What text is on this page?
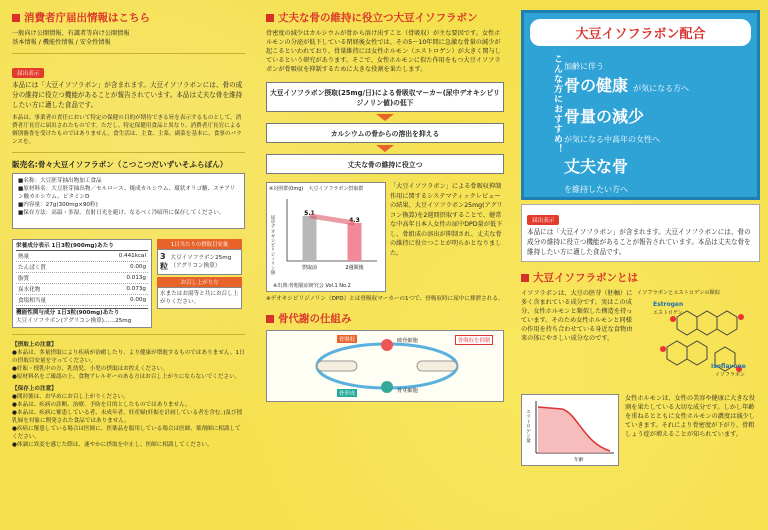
消費者庁届出情報はこちら
一般向け公開情報、有識者等向け公開情報
基本情報 / 機能性情報 / 安全性情報
届出表示
本品には「大豆イソフラボン」が含まれます。大豆イソフラボンには、骨の成分の維持に役立つ機能があることが報告されています。本品は丈夫な骨を維持したい方に適した食品です。
本品は、事業者の責任において特定の保健の目的が期待できる旨を表示するものとして、消費者庁長官に届出されたものです。ただし、特定保健用食品と異なり、消費者庁長官による個別審査を受けたものではありません。食生活は、主食、主菜、副菜を基本に、食事のバランスを。
販売名:骨々大豆イソフラボン（こつこつだいずいそふらぼん）
■名称：大豆胚芽抽出物加工食品
■原材料名：大豆胚芽抽出物／セルロース、焼成カルシウム、環状オリゴ糖、ステアリン酸カルシウム、ビタミンD
■内容量：27g(300mg×90粒)
■保存方法：高温・多湿、直射日光を避け、なるべく冷暗所に保存してください。
栄養成分表示 1日3粒(900mg)あたり
熱量	0.441kcal
たんぱく質	0.00g
脂質	0.013g
炭水化物	0.073g
食塩相当量	0.00g
機能性関与成分 1日3粒(900mg)あたり
大豆イソフラボン(アグリコン換算)……25mg
1日当たりの摂取目安量
3粒
大豆イソフラボン25mg（アグリコン換算）
お召し上がり方
水またはお湯等と共にお召し上がりください。
【摂取上の注意】
●本品は、多量摂取により疾病が治癒したり、より健康が増進するものではありません。1日の摂取目安量を守ってください。
●妊娠・授乳中の方、乳幼児、小児の摂取はお控えください。
●原材料名をご確認の上、食物アレルギーのある方はお召し上がりにならないでください。
【保存上の注意】
●開封後は、お早めにお召し上がりください。
●本品は、疾病の診断、治療、予防を目的としたものではありません。
●本品は、疾病に罹患している者、未成年者、妊産婦(妊娠を計画している者を含む。)及び授乳婦を対象に開発された食品ではありません。
●疾病に罹患している場合は医師に、医薬品を服用している場合は医師、薬剤師に相談してください。
●体調に異変を感じた際は、速やかに摂取を中止し、医師に相談してください。
丈夫な骨の維持に役立つ大豆イソフラボン
骨密度の減少はカルシウムが骨から溶け出すこと（骨吸収）が主な要因です。女性ホルモンの分泌が低下している閉経後女性では、その5〜10年間に急激な骨量の減少が起こるといわれており、骨量維持には女性ホルモン（エストロゲン）が大きく関与しているという研究があります。そこで、女性ホルモンに似た作用をもつ大豆イソフラボンが骨吸収を抑制するために大きな役割を果たします。
大豆イソフラボン摂取(25mg/日)による骨吸収マーカー(尿中デオキシピリジノリン値)の低下
カルシウムの骨からの溶出を抑える
丈夫な骨の維持に役立つ
※対照群(0mg)　大豆イソフラボン摂取群
5.1
摂取前
4.3
2週間後
尿中デオキシピリジノリン値
※出典:骨粗鬆症研究会 Vol.1 No.2
「大豆イソフラボン」による骨吸収抑制作用に関するシステマティックレビューの結果、大豆イソフラボン25mg(アグリコン換算)を2週間摂取することで、健常な中高年日本人女性の尿中DPD量が低下し、骨組成の溶出が抑制され、丈夫な骨の維持に役立つことが明らかとなりました。
※デオキシピリジノリン（DPD）とは骨吸収マーカーの1つで、骨吸収時に尿中に排泄される。
骨代謝の仕組み
骨吸収
骨形成
破骨細胞
骨芽細胞
骨吸収を抑制
大豆イソフラボン配合
こんな方におすすめ！ 加齢に伴う
骨の健康 が気になる方へ
骨量の減少
が気になる中高年の女性へ
丈夫な骨
を維持したい方へ
届出表示
本品には「大豆イソフラボン」が含まれます。大豆イソフラボンには、骨の成分の維持に役立つ機能があることが報告されています。本品は丈夫な骨を維持したい方に適した食品です。
大豆イソフラボンとは
イソフラボンは、大豆の胚芽（胚軸）に多く含まれている成分です。実はこの成分、女性ホルモンと類似した構造を持っています。そのため女性ホルモンと同様の作用を持ち合わせている身近な食物由来の体にやさしい成分なのです。
イソフラボンとエストロゲンの類似
Estrogen
エストロゲン
Isoflavone
イソフラボン
エストロゲン量
年齢
女性ホルモンは、女性の美容や健康に大きな役割を果たしている大切な成分です。しかし年齢を重ねるとともに女性ホルモンの濃度は減少していきます。それにより骨密度が下がり、骨粗しょう症が増えることが知られています。
